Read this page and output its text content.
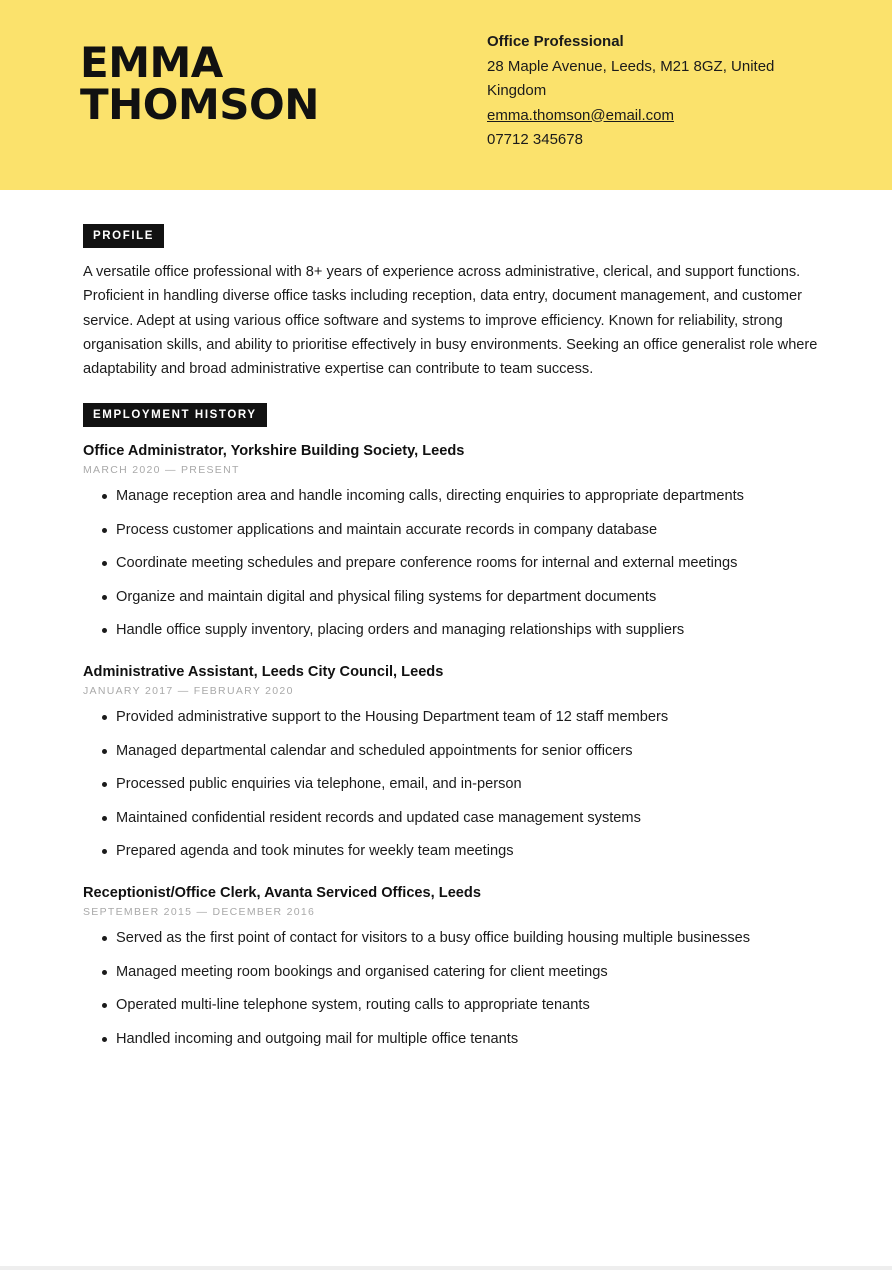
EMMA
THOMSON
Office Professional
28 Maple Avenue, Leeds, M21 8GZ, United Kingdom
emma.thomson@email.com
07712 345678
PROFILE

A versatile office professional with 8+ years of experience across administrative, clerical, and support functions. Proficient in handling diverse office tasks including reception, data entry, document management, and customer service. Adept at using various office software and systems to improve efficiency. Known for reliability, strong organisation skills, and ability to prioritise effectively in busy environments. Seeking an office generalist role where adaptability and broad administrative expertise can contribute to team success.

EMPLOYMENT HISTORY
Office Administrator, Yorkshire Building Society, Leeds
MARCH 2020 — PRESENT
Manage reception area and handle incoming calls, directing enquiries to appropriate departments
Process customer applications and maintain accurate records in company database
Coordinate meeting schedules and prepare conference rooms for internal and external meetings
Organize and maintain digital and physical filing systems for department documents
Handle office supply inventory, placing orders and managing relationships with suppliers
Administrative Assistant, Leeds City Council, Leeds
JANUARY 2017 — FEBRUARY 2020
Provided administrative support to the Housing Department team of 12 staff members
Managed departmental calendar and scheduled appointments for senior officers
Processed public enquiries via telephone, email, and in-person
Maintained confidential resident records and updated case management systems
Prepared agenda and took minutes for weekly team meetings
Receptionist/Office Clerk, Avanta Serviced Offices, Leeds
SEPTEMBER 2015 — DECEMBER 2016
Served as the first point of contact for visitors to a busy office building housing multiple businesses
Managed meeting room bookings and organised catering for client meetings
Operated multi-line telephone system, routing calls to appropriate tenants
Handled incoming and outgoing mail for multiple office tenants
